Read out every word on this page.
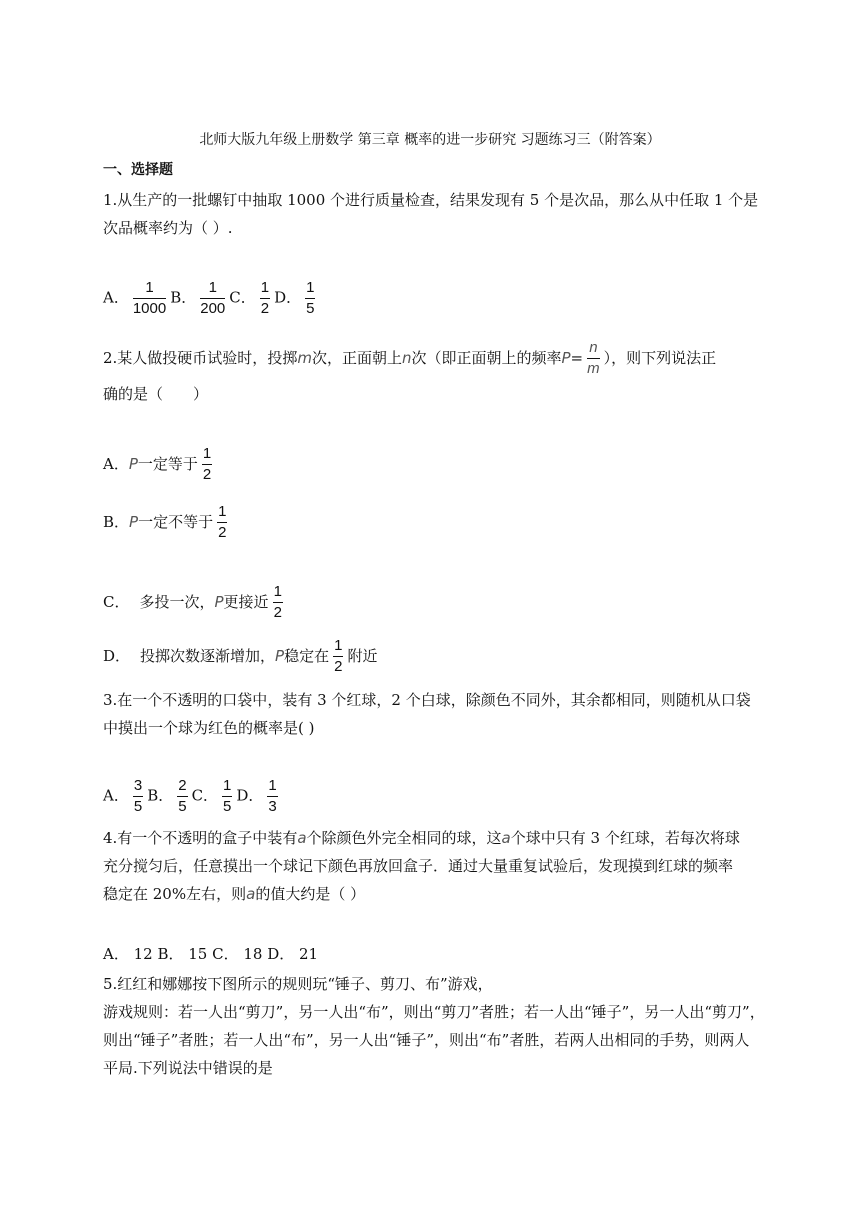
北师大版九年级上册数学 第三章 概率的进一步研究 习题练习三（附答案）
一、选择题
1.从生产的一批螺钉中抽取 1000 个进行质量检查，结果发现有 5 个是次品，那么从中任取 1 个是
次品概率约为（ ）.
A． $\frac{1}{1000}$ B． $\frac{1}{200}$ C． $\frac{1}{2}$ D． $\frac{1}{5}$
2.某人做投硬币试验时，投掷 m 次，正面朝上 n 次（即正面朝上的频率 $P = \frac{n}{m}$ ），则下列说法正
确的是（　　）
A． P 一定等于 $\frac{1}{2}$
B． P 一定不等于 $\frac{1}{2}$
C． 多投一次， P 更接近 $\frac{1}{2}$
D． 投掷次数逐渐增加， P 稳定在 $\frac{1}{2}$ 附近
3.在一个不透明的口袋中，装有 3 个红球，2 个白球，除颜色不同外，其余都相同，则随机从口袋
中摸出一个球为红色的概率是( )
A． $\frac{3}{5}$ B． $\frac{2}{5}$ C． $\frac{1}{5}$ D． $\frac{1}{3}$
4.有一个不透明的盒子中装有a个除颜色外完全相同的球，这a个球中只有 3 个红球，若每次将球
充分搅匀后，任意摸出一个球记下颜色再放回盒子．通过大量重复试验后，发现摸到红球的频率
稳定在 20%左右，则a的值大约是（ ）
A． 12 B． 15 C． 18 D． 21
5.红红和娜娜按下图所示的规则玩“锤子、剪刀、布”游戏，
游戏规则：若一人出“剪刀”，另一人出“布”，则出“剪刀”者胜；若一人出“锤子”，另一人出“剪刀”，
则出“锤子”者胜；若一人出“布”，另一人出“锤子”，则出“布”者胜，若两人出相同的手势，则两人
平局.下列说法中错误的是
